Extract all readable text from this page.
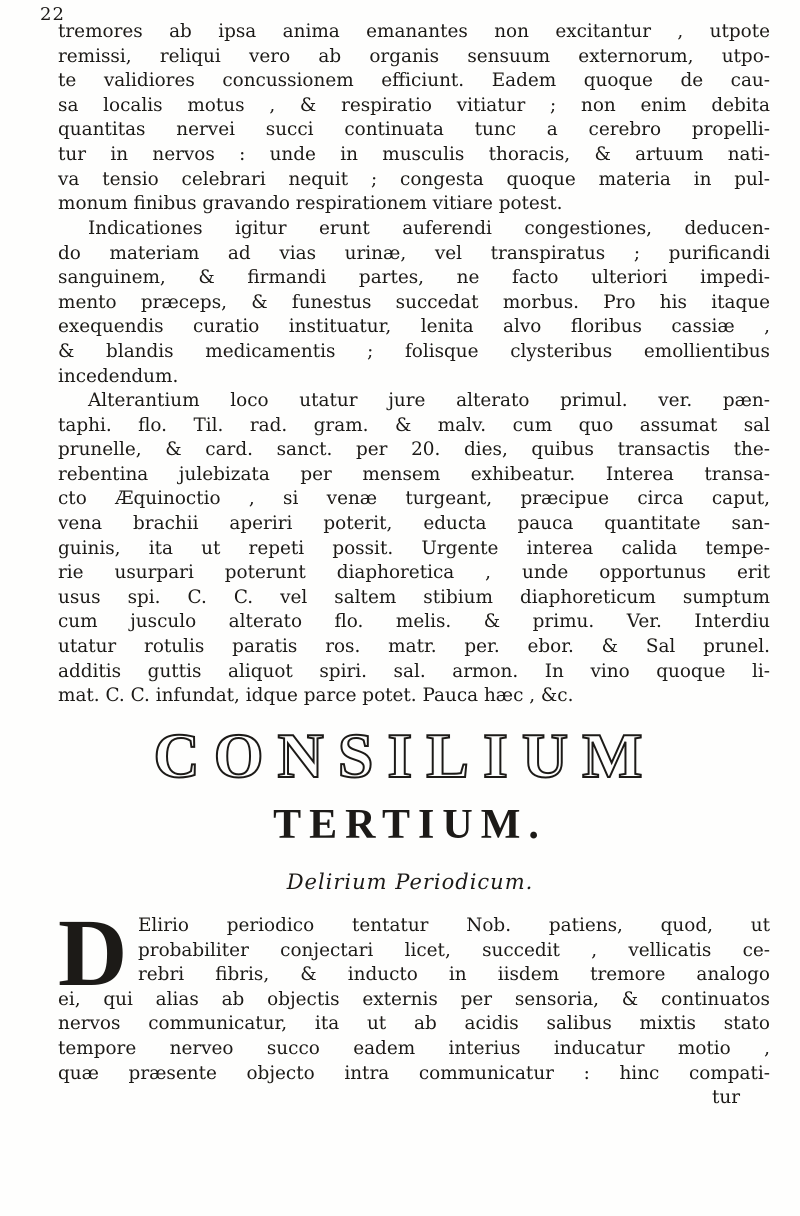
22
tremores ab ipsa anima emanantes non excitantur , utpote
remissi, reliqui vero ab organis sensuum externorum, utpo-
te validiores concussionem efficiunt. Eadem quoque de cau-
sa localis motus , & respiratio vitiatur ; non enim debita
quantitas nervei succi continuata tunc a cerebro propelli-
tur in nervos : unde in musculis thoracis, & artuum nati-
va tensio celebrari nequit ; congesta quoque materia in pul-
monum finibus gravando respirationem vitiare potest.
Indicationes igitur erunt auferendi congestiones, deducen-
do materiam ad vias urinæ, vel transpiratus ; purificandi
sanguinem, & firmandi partes, ne facto ulteriori impedi-
mento præceps, & funestus succedat morbus. Pro his itaque
exequendis curatio instituatur, lenita alvo floribus cassiæ ,
& blandis medicamentis ; folisque clysteribus emollientibus
incedendum.
Alterantium loco utatur jure alterato primul. ver. pæn-
taphi. flo. Til. rad. gram. & malv. cum quo assumat sal
prunelle, & card. sanct. per 20. dies, quibus transactis the-
rebentina julebizata per mensem exhibeatur. Interea transa-
cto Æquinoctio , si venæ turgeant, præcipue circa caput,
vena brachii aperiri poterit, educta pauca quantitate san-
guinis, ita ut repeti possit. Urgente interea calida tempe-
rie usurpari poterunt diaphoretica , unde opportunus erit
usus spi. C. C. vel saltem stibium diaphoreticum sumptum
cum jusculo alterato flo. melis. & primu. Ver. Interdiu
utatur rotulis paratis ros. matr. per. ebor. & Sal prunel.
additis guttis aliquot spiri. sal. armon. In vino quoque li-
mat. C. C. infundat, idque parce potet. Pauca hæc , &c.
CONSILIUM
TERTIUM.
Delirium Periodicum.
D Elirio periodico tentatur Nob. patiens, quod, ut
probabiliter conjectari licet, succedit , vellicatis ce-
rebri fibris, & inducto in iisdem tremore analogo
ei, qui alias ab objectis externis per sensoria, & continuatos
nervos communicatur, ita ut ab acidis salibus mixtis stato
tempore nerveo succo eadem interius inducatur motio ,
quæ præsente objecto intra communicatur : hinc compati-
tur
